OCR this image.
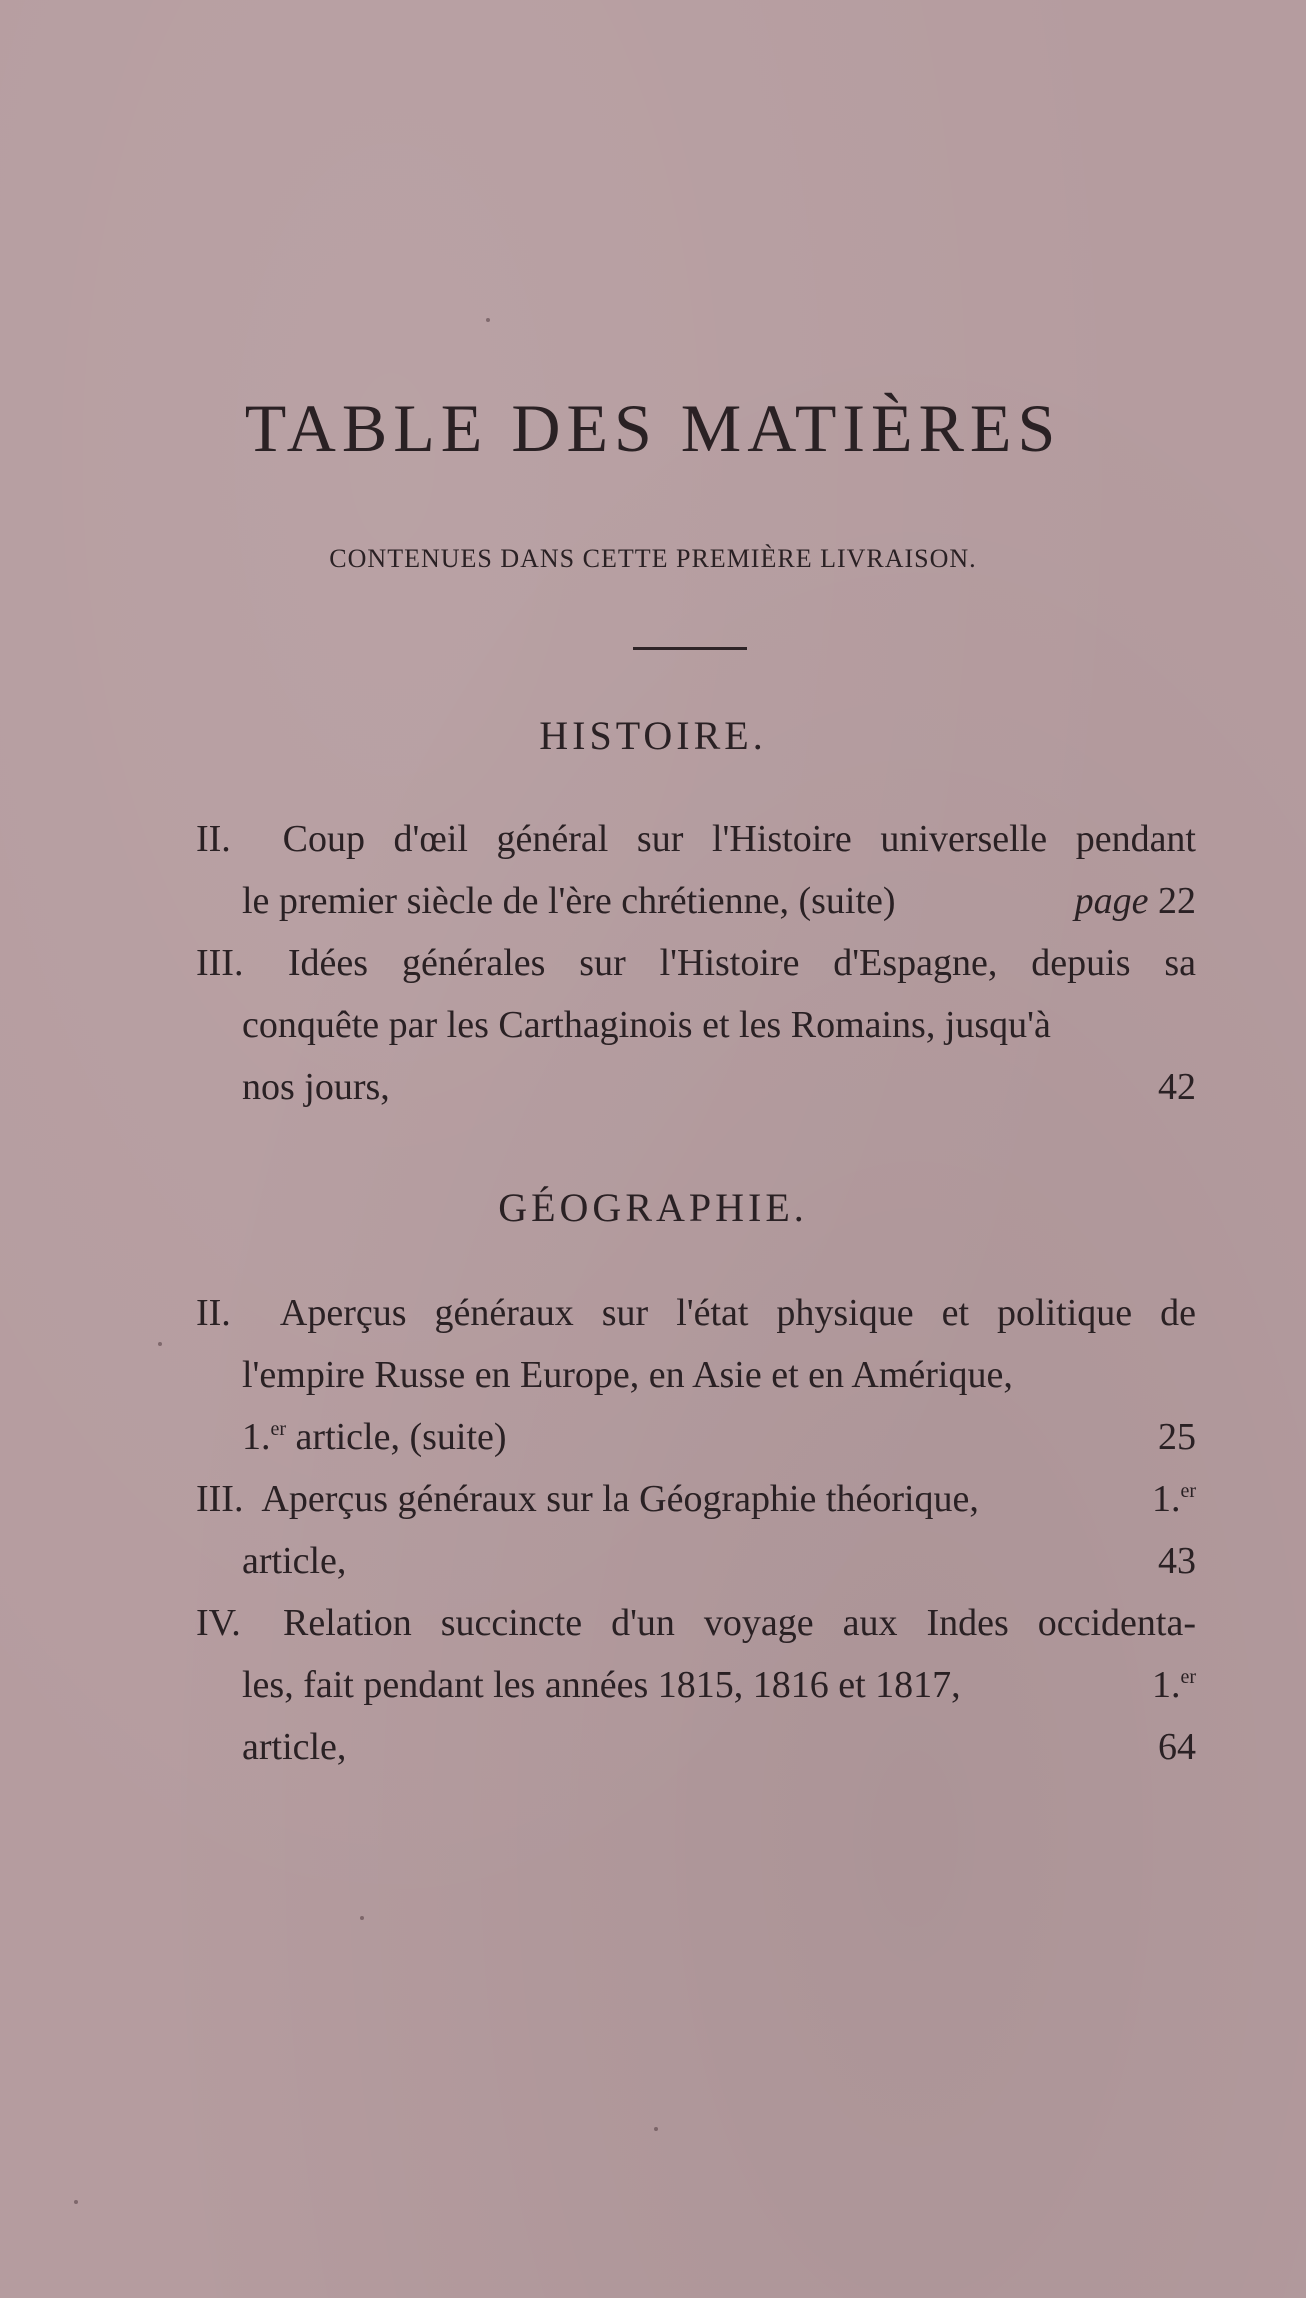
TABLE DES MATIÈRES
CONTENUES DANS CETTE PREMIÈRE LIVRAISON.
HISTOIRE.
II. Coup d'œil général sur l'Histoire universelle pendant
le premier siècle de l'ère chrétienne, (suite)	page 22
III. Idées générales sur l'Histoire d'Espagne, depuis sa
conquête par les Carthaginois et les Romains, jusqu'à
nos jours,	42
GÉOGRAPHIE.
II. Aperçus généraux sur l'état physique et politique de
l'empire Russe en Europe, en Asie et en Amérique,
1.$^{er}$ article, (suite)	25
III. Aperçus généraux sur la Géographie théorique,	1.$^{er}$
article,	43
IV. Relation succincte d'un voyage aux Indes occidenta-
les, fait pendant les années 1815, 1816 et 1817,	1.$^{er}$
article,	64
